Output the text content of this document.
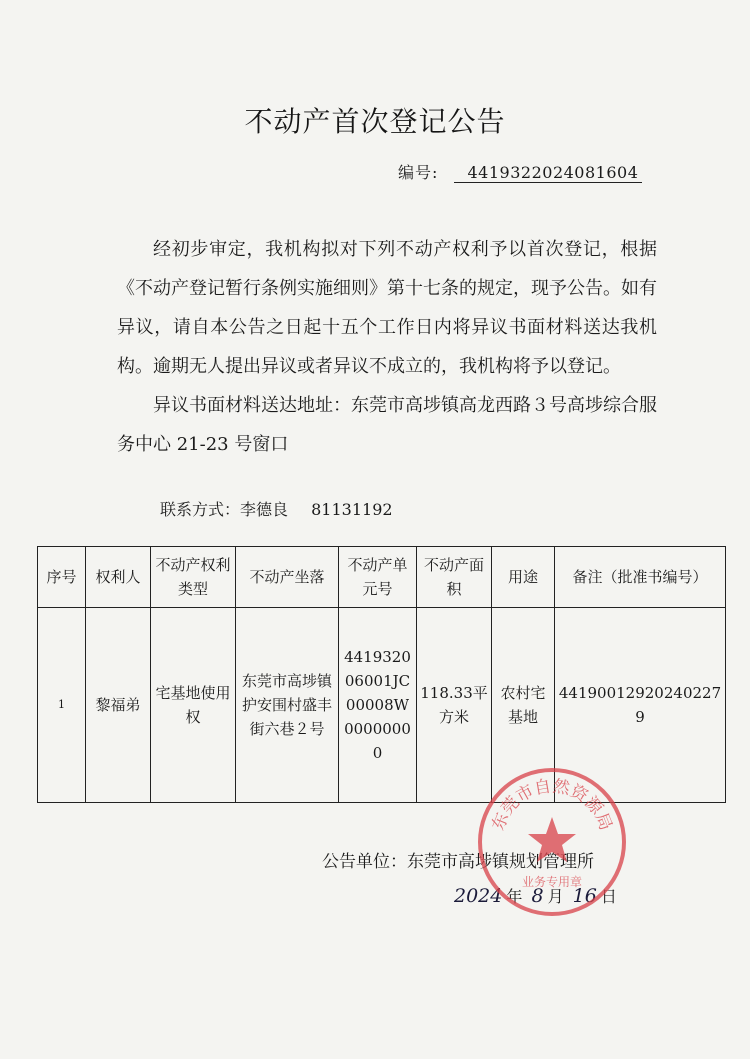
不动产首次登记公告
编号: 441932202408160​4

经初步审定，我机构拟对下列不动产权利予以首次登记，根据《不动产登记暂行条例实施细则》第十七条的规定，现予公告。如有异议，请自本公告之日起十五个工作日内将异议书面材料送达我机构。逾期无人提出异议或者异议不成立的，我机构将予以登记。

异议书面材料送达地址：东莞市高埗镇高龙西路３号高埗综合服务中心 21-23 号窗口

联系方式：李德良 81131192
序号	权利人	不动产权利类型	不动产坐落	不动产单元号	不动产面积	用途	备注（批准书编号）
1	黎福弟	宅基地使用权	东莞市高埗镇护安围村盛丰街六巷２号	441932006001JC00008W00000000	118.33平方米	农村宅基地	441900129202402279
公告单位：东莞市高埗镇规划管理所
2024 年 8 月 16 日
东莞市自然资源局
业务专用章
